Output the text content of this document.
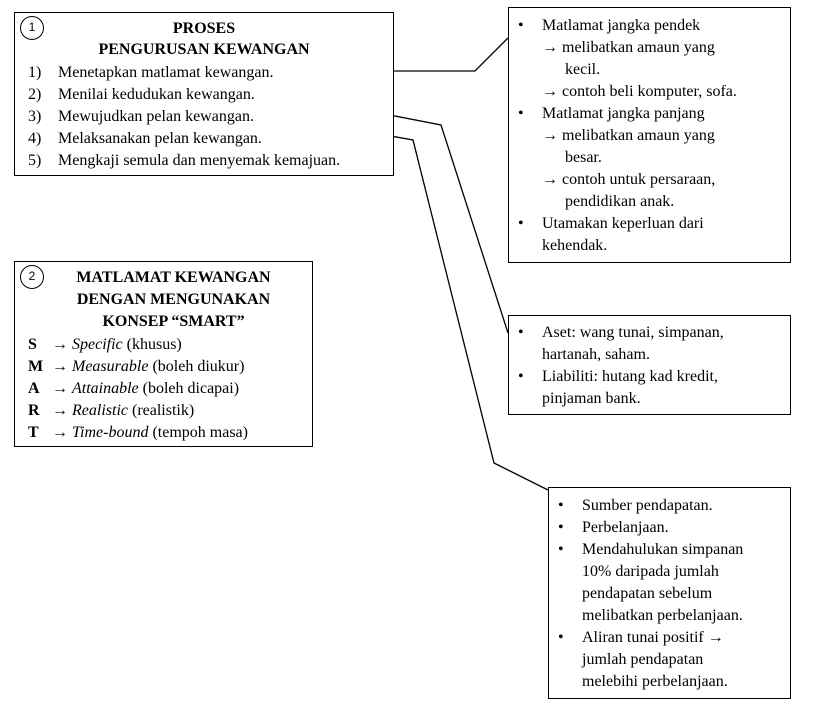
1	PROSES
PENGURUSAN KEWANGAN
1) Menetapkan matlamat kewangan.
2) Menilai kedudukan kewangan.
3) Mewujudkan pelan kewangan.
4) Melaksanakan pelan kewangan.
5) Mengkaji semula dan menyemak kemajuan.
2	MATLAMAT KEWANGAN
DENGAN MENGUNAKAN
KONSEP “SMART”
S → Specific (khusus)
M → Measurable (boleh diukur)
A → Attainable (boleh dicapai)
R → Realistic (realistik)
T → Time-bound (tempoh masa)
• Matlamat jangka pendek
→ melibatkan amaun yang
kecil.
→ contoh beli komputer, sofa.
• Matlamat jangka panjang
→ melibatkan amaun yang
besar.
→ contoh untuk persaraan,
pendidikan anak.
• Utamakan keperluan dari
kehendak.
• Aset: wang tunai, simpanan,
hartanah, saham.
• Liabiliti: hutang kad kredit,
pinjaman bank.
• Sumber pendapatan.
• Perbelanjaan.
• Mendahulukan simpanan
10% daripada jumlah
pendapatan sebelum
melibatkan perbelanjaan.
• Aliran tunai positif →
jumlah pendapatan
melebihi perbelanjaan.
